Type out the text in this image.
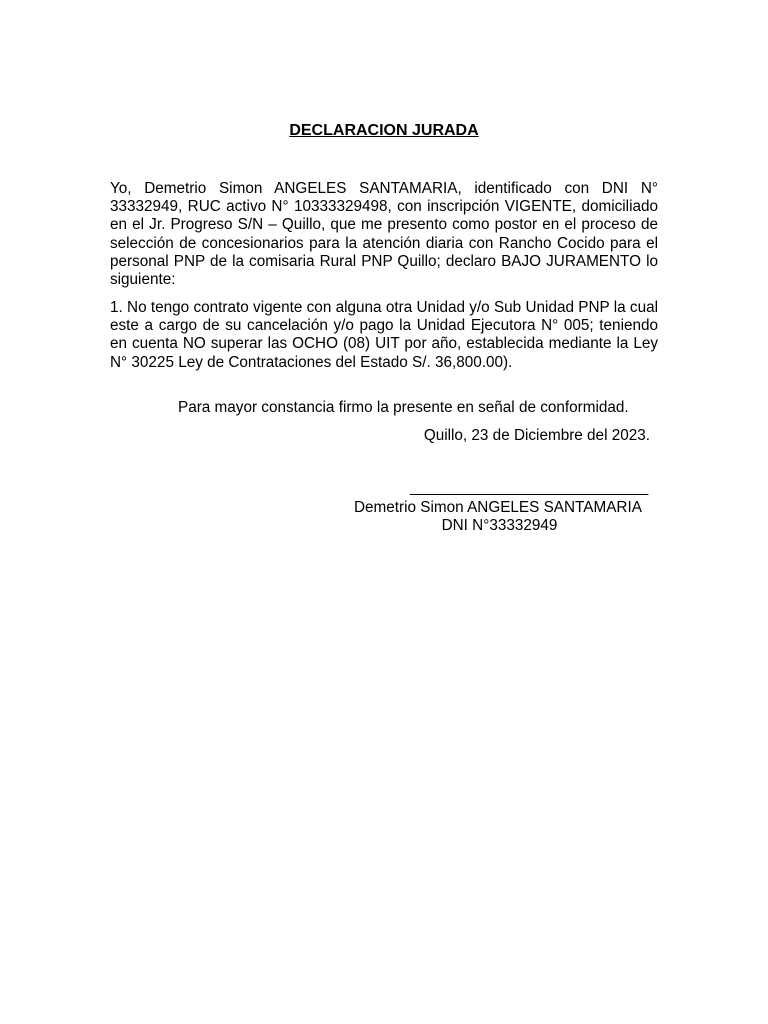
DECLARACION JURADA

Yo, Demetrio Simon ANGELES SANTAMARIA, identificado con DNI N° 33332949, RUC activo N° 10333329498, con inscripción VIGENTE, domiciliado en el Jr. Progreso S/N – Quillo, que me presento como postor en el proceso de selección de concesionarios para la atención diaria con Rancho Cocido para el personal PNP de la comisaria Rural PNP Quillo; declaro BAJO JURAMENTO lo siguiente:

1. No tengo contrato vigente con alguna otra Unidad y/o Sub Unidad PNP la cual este a cargo de su cancelación y/o pago la Unidad Ejecutora N° 005; teniendo en cuenta NO superar las OCHO (08) UIT por año, establecida mediante la Ley N° 30225 Ley de Contrataciones del Estado S/. 36,800.00).

Para mayor constancia firmo la presente en señal de conformidad.
Quillo, 23 de Diciembre del 2023.
____________________________
Demetrio Simon ANGELES SANTAMARIA
DNI N°33332949
